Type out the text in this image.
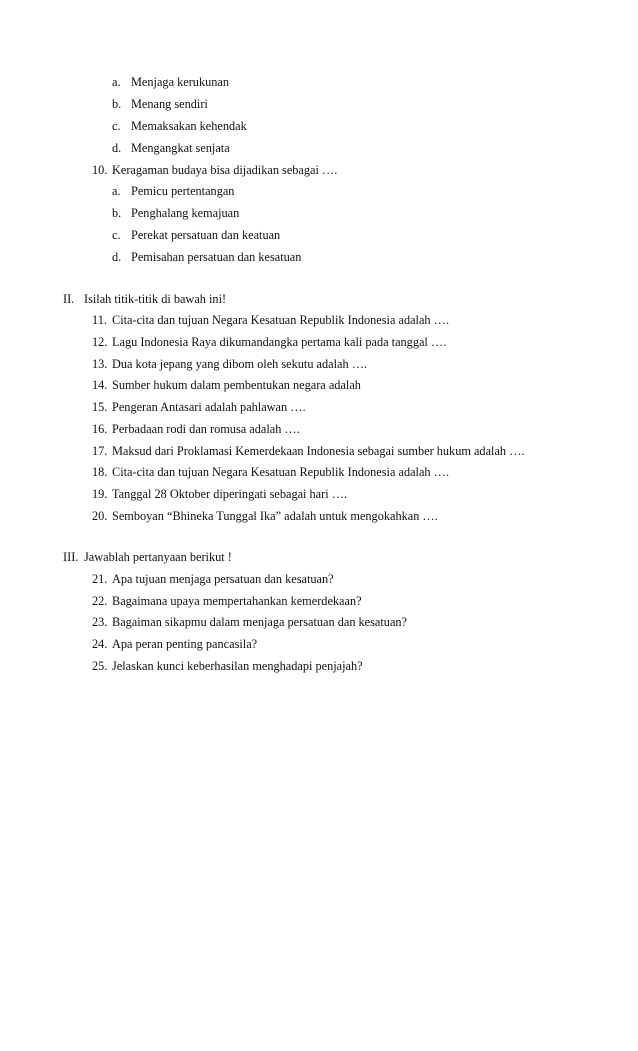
a. Menjaga kerukunan
b. Menang sendiri
c. Memaksakan kehendak
d. Mengangkat senjata
10. Keragaman budaya bisa dijadikan sebagai ….
a. Pemicu pertentangan
b. Penghalang kemajuan
c. Perekat persatuan dan keatuan
d. Pemisahan persatuan dan kesatuan
II. Isilah titik-titik di bawah ini!
11. Cita-cita dan tujuan Negara Kesatuan Republik Indonesia adalah ….
12. Lagu Indonesia Raya dikumandangka pertama kali pada tanggal ….
13. Dua kota jepang yang dibom oleh sekutu adalah ….
14. Sumber hukum dalam pembentukan negara adalah
15. Pengeran Antasari adalah pahlawan ….
16. Perbadaan rodi dan romusa adalah ….
17. Maksud dari Proklamasi Kemerdekaan Indonesia sebagai sumber hukum adalah ….
18. Cita-cita dan tujuan Negara Kesatuan Republik Indonesia adalah ….
19. Tanggal 28 Oktober diperingati sebagai hari ….
20. Semboyan “Bhineka Tunggal Ika” adalah untuk mengokahkan ….
III. Jawablah pertanyaan berikut !
21. Apa tujuan menjaga persatuan dan kesatuan?
22. Bagaimana upaya mempertahankan kemerdekaan?
23. Bagaiman sikapmu dalam menjaga persatuan dan kesatuan?
24. Apa peran penting pancasila?
25. Jelaskan kunci keberhasilan menghadapi penjajah?
